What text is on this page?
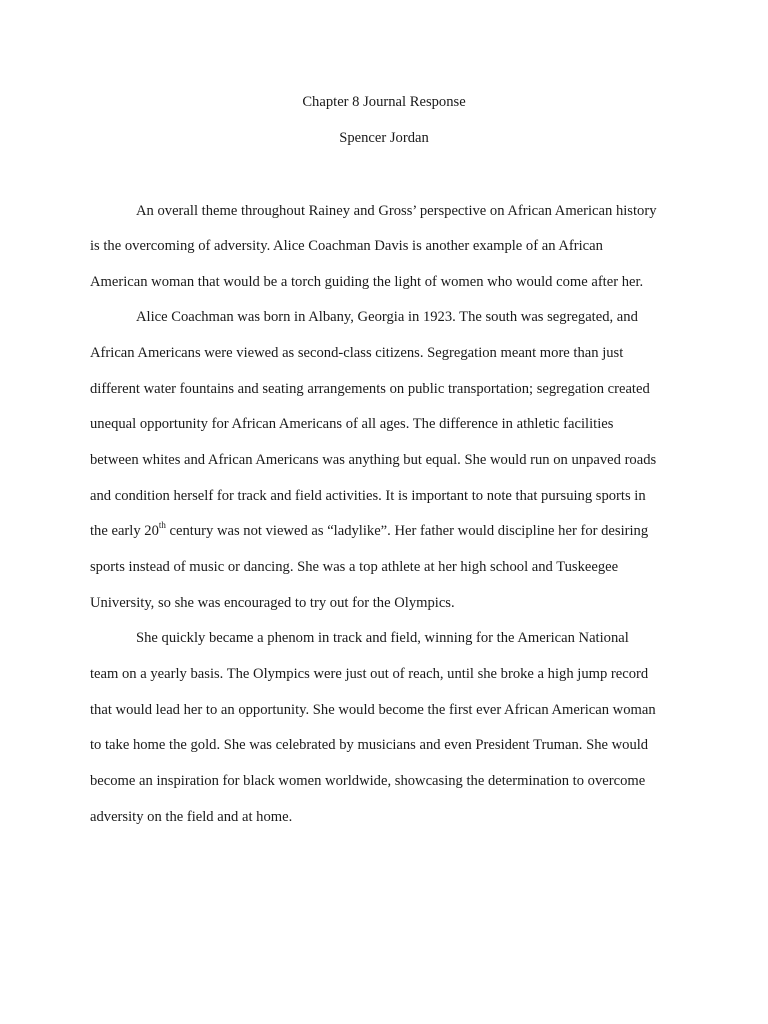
Chapter 8 Journal Response
Spencer Jordan
An overall theme throughout Rainey and Gross’ perspective on African American history
is the overcoming of adversity. Alice Coachman Davis is another example of an African
American woman that would be a torch guiding the light of women who would come after her.
Alice Coachman was born in Albany, Georgia in 1923. The south was segregated, and
African Americans were viewed as second-class citizens. Segregation meant more than just
different water fountains and seating arrangements on public transportation; segregation created
unequal opportunity for African Americans of all ages. The difference in athletic facilities
between whites and African Americans was anything but equal. She would run on unpaved roads
and condition herself for track and field activities. It is important to note that pursuing sports in
the early 20th century was not viewed as “ladylike”. Her father would discipline her for desiring
sports instead of music or dancing. She was a top athlete at her high school and Tuskeegee
University, so she was encouraged to try out for the Olympics.
She quickly became a phenom in track and field, winning for the American National
team on a yearly basis. The Olympics were just out of reach, until she broke a high jump record
that would lead her to an opportunity. She would become the first ever African American woman
to take home the gold. She was celebrated by musicians and even President Truman. She would
become an inspiration for black women worldwide, showcasing the determination to overcome
adversity on the field and at home.
